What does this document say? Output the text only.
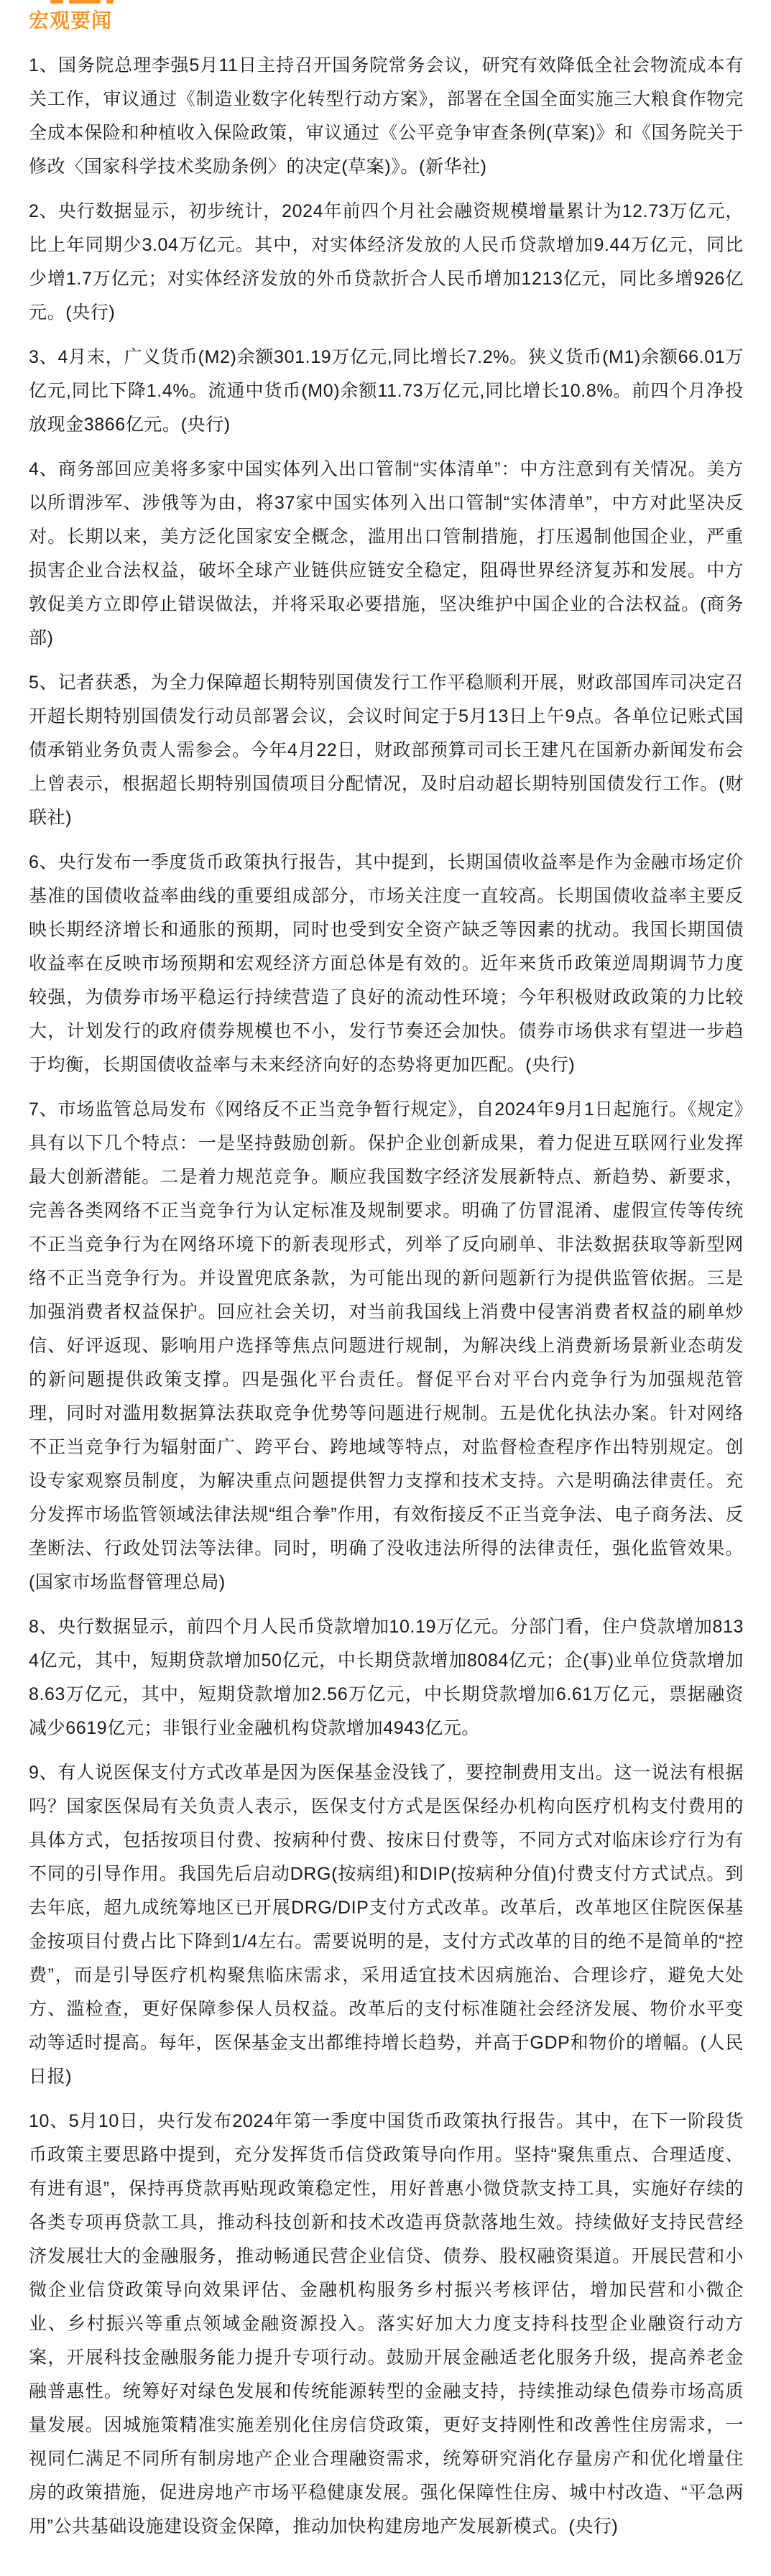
宏观要闻

1、国务院总理李强5月11日主持召开国务院常务会议，研究有效降低全社会物流成本有关工作，审议通过《制造业数字化转型行动方案》，部署在全国全面实施三大粮食作物完全成本保险和种植收入保险政策，审议通过《公平竞争审查条例(草案)》和《国务院关于修改〈国家科学技术奖励条例〉的决定(草案)》。(新华社)

2、央行数据显示，初步统计，2024年前四个月社会融资规模增量累计为12.73万亿元，比上年同期少3.04万亿元。其中，对实体经济发放的人民币贷款增加9.44万亿元，同比少增1.7万亿元；对实体经济发放的外币贷款折合人民币增加1213亿元，同比多增926亿元。(央行)

3、4月末，广义货币(M2)余额301.19万亿元,同比增长7.2%。狭义货币(M1)余额66.01万亿元,同比下降1.4%。流通中货币(M0)余额11.73万亿元,同比增长10.8%。前四个月净投放现金3866亿元。(央行)

4、商务部回应美将多家中国实体列入出口管制“实体清单”：中方注意到有关情况。美方以所谓涉军、涉俄等为由，将37家中国实体列入出口管制“实体清单”，中方对此坚决反对。长期以来，美方泛化国家安全概念，滥用出口管制措施，打压遏制他国企业，严重损害企业合法权益，破坏全球产业链供应链安全稳定，阻碍世界经济复苏和发展。中方敦促美方立即停止错误做法，并将采取必要措施，坚决维护中国企业的合法权益。(商务部)

5、记者获悉，为全力保障超长期特别国债发行工作平稳顺利开展，财政部国库司决定召开超长期特别国债发行动员部署会议，会议时间定于5月13日上午9点。各单位记账式国债承销业务负责人需参会。今年4月22日，财政部预算司司长王建凡在国新办新闻发布会上曾表示，根据超长期特别国债项目分配情况，及时启动超长期特别国债发行工作。(财联社)

6、央行发布一季度货币政策执行报告，其中提到，长期国债收益率是作为金融市场定价基准的国债收益率曲线的重要组成部分，市场关注度一直较高。长期国债收益率主要反映长期经济增长和通胀的预期，同时也受到安全资产缺乏等因素的扰动。我国长期国债收益率在反映市场预期和宏观经济方面总体是有效的。近年来货币政策逆周期调节力度较强，为债券市场平稳运行持续营造了良好的流动性环境；今年积极财政政策的力比较大，计划发行的政府债券规模也不小，发行节奏还会加快。债券市场供求有望进一步趋于均衡，长期国债收益率与未来经济向好的态势将更加匹配。(央行)

7、市场监管总局发布《网络反不正当竞争暂行规定》，自2024年9月1日起施行。《规定》具有以下几个特点：一是坚持鼓励创新。保护企业创新成果，着力促进互联网行业发挥最大创新潜能。二是着力规范竞争。顺应我国数字经济发展新特点、新趋势、新要求，完善各类网络不正当竞争行为认定标准及规制要求。明确了仿冒混淆、虚假宣传等传统不正当竞争行为在网络环境下的新表现形式，列举了反向刷单、非法数据获取等新型网络不正当竞争行为。并设置兜底条款，为可能出现的新问题新行为提供监管依据。三是加强消费者权益保护。回应社会关切，对当前我国线上消费中侵害消费者权益的刷单炒信、好评返现、影响用户选择等焦点问题进行规制，为解决线上消费新场景新业态萌发的新问题提供政策支撑。四是强化平台责任。督促平台对平台内竞争行为加强规范管理，同时对滥用数据算法获取竞争优势等问题进行规制。五是优化执法办案。针对网络不正当竞争行为辐射面广、跨平台、跨地域等特点，对监督检查程序作出特别规定。创设专家观察员制度，为解决重点问题提供智力支撑和技术支持。六是明确法律责任。充分发挥市场监管领域法律法规“组合拳”作用，有效衔接反不正当竞争法、电子商务法、反垄断法、行政处罚法等法律。同时，明确了没收违法所得的法律责任，强化监管效果。(国家市场监督管理总局)

8、央行数据显示，前四个月人民币贷款增加10.19万亿元。分部门看，住户贷款增加8134亿元，其中，短期贷款增加50亿元，中长期贷款增加8084亿元；企(事)业单位贷款增加8.63万亿元，其中，短期贷款增加2.56万亿元，中长期贷款增加6.61万亿元，票据融资减少6619亿元；非银行业金融机构贷款增加4943亿元。

9、有人说医保支付方式改革是因为医保基金没钱了，要控制费用支出。这一说法有根据吗？国家医保局有关负责人表示，医保支付方式是医保经办机构向医疗机构支付费用的具体方式，包括按项目付费、按病种付费、按床日付费等，不同方式对临床诊疗行为有不同的引导作用。我国先后启动DRG(按病组)和DIP(按病种分值)付费支付方式试点。到去年底，超九成统筹地区已开展DRG/DIP支付方式改革。改革后，改革地区住院医保基金按项目付费占比下降到1/4左右。需要说明的是，支付方式改革的目的绝不是简单的“控费”，而是引导医疗机构聚焦临床需求，采用适宜技术因病施治、合理诊疗，避免大处方、滥检查，更好保障参保人员权益。改革后的支付标准随社会经济发展、物价水平变动等适时提高。每年，医保基金支出都维持增长趋势，并高于GDP和物价的增幅。(人民日报)

10、5月10日，央行发布2024年第一季度中国货币政策执行报告。其中，在下一阶段货币政策主要思路中提到，充分发挥货币信贷政策导向作用。坚持“聚焦重点、合理适度、有进有退”，保持再贷款再贴现政策稳定性，用好普惠小微贷款支持工具，实施好存续的各类专项再贷款工具，推动科技创新和技术改造再贷款落地生效。持续做好支持民营经济发展壮大的金融服务，推动畅通民营企业信贷、债券、股权融资渠道。开展民营和小微企业信贷政策导向效果评估、金融机构服务乡村振兴考核评估，增加民营和小微企业、乡村振兴等重点领域金融资源投入。落实好加大力度支持科技型企业融资行动方案，开展科技金融服务能力提升专项行动。鼓励开展金融适老化服务升级，提高养老金融普惠性。统筹好对绿色发展和传统能源转型的金融支持，持续推动绿色债券市场高质量发展。因城施策精准实施差别化住房信贷政策，更好支持刚性和改善性住房需求，一视同仁满足不同所有制房地产企业合理融资需求，统筹研究消化存量房产和优化增量住房的政策措施，促进房地产市场平稳健康发展。强化保障性住房、城中村改造、“平急两用”公共基础设施建设资金保障，推动加快构建房地产发展新模式。(央行)
